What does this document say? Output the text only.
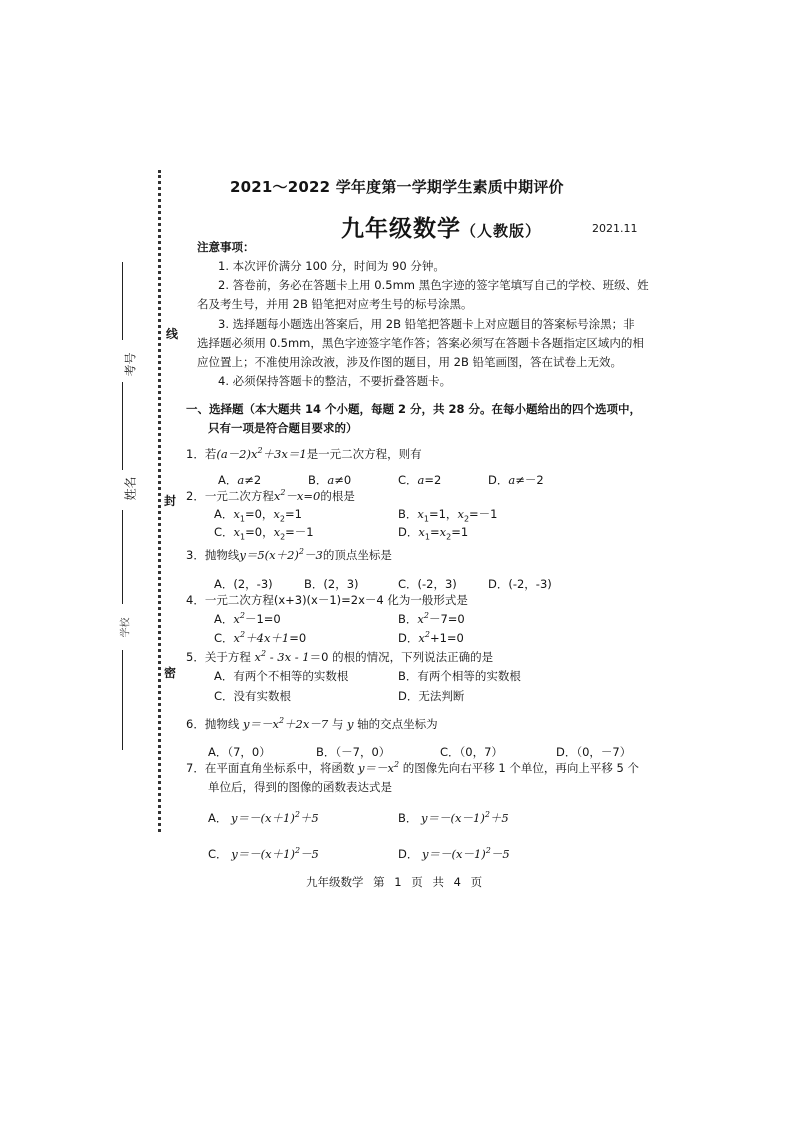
线
封
密
考号
姓名
学校
2021～2022 学年度第一学期学生素质中期评价
九年级数学（人教版）	2021.11
注意事项：
1. 本次评价满分 100 分，时间为 90 分钟。
2. 答卷前，务必在答题卡上用 0.5mm 黑色字迹的签字笔填写自己的学校、班级、姓
名及考生号，并用 2B 铅笔把对应考生号的标号涂黑。
3. 选择题每小题选出答案后，用 2B 铅笔把答题卡上对应题目的答案标号涂黑；非
选择题必须用 0.5mm，黑色字迹签字笔作答；答案必须写在答题卡各题指定区域内的相
应位置上；不准使用涂改液，涉及作图的题目，用 2B 铅笔画图，答在试卷上无效。
4. 必须保持答题卡的整洁，不要折叠答题卡。
一、选择题（本大题共 14 个小题，每题 2 分，共 28 分。在每小题给出的四个选项中，
只有一项是符合题目要求的）
1．若$(a-2)x^2+3x=1$是一元二次方程，则有
A．a≠2	B．a≠0	C．a=2	D．a≠－2
2．一元二次方程$x^2-x=0$的根是
A．$x_1=0$，$x_2=1$	B．$x_1=1$，$x_2=-1$
C．$x_1=0$，$x_2=-1$	D．$x_1=x_2=1$
3．抛物线$y=5(x+2)^2-3$的顶点坐标是
A．(2，-3)	B．(2，3)	C．(-2，3)	D．(-2，-3)
4．一元二次方程(x+3)(x－1)=2x－4 化为一般形式是
A．$x^2-1=0$	B．$x^2-7=0$
C．$x^2+4x+1=0$	D．$x^2+1=0$
5．关于方程 $x^2 - 3x - 1=0$ 的根的情况，下列说法正确的是
A．有两个不相等的实数根	B．有两个相等的实数根
C．没有实数根	D．无法判断
6．抛物线 $y=-x^2+2x-7$ 与 y 轴的交点坐标为
A．（7，0）	B．（－7，0）	C．（0，7）	D．（0，－7）
7．在平面直角坐标系中，将函数 $y=-x^2$ 的图像先向右平移 1 个单位，再向上平移 5 个
单位后，得到的图像的函数表达式是
A． $y=-(x+1)^2+5$	B． $y=-(x-1)^2+5$
C． $y=-(x+1)^2-5$	D． $y=-(x-1)^2-5$
九年级数学 第 1 页 共 4 页
